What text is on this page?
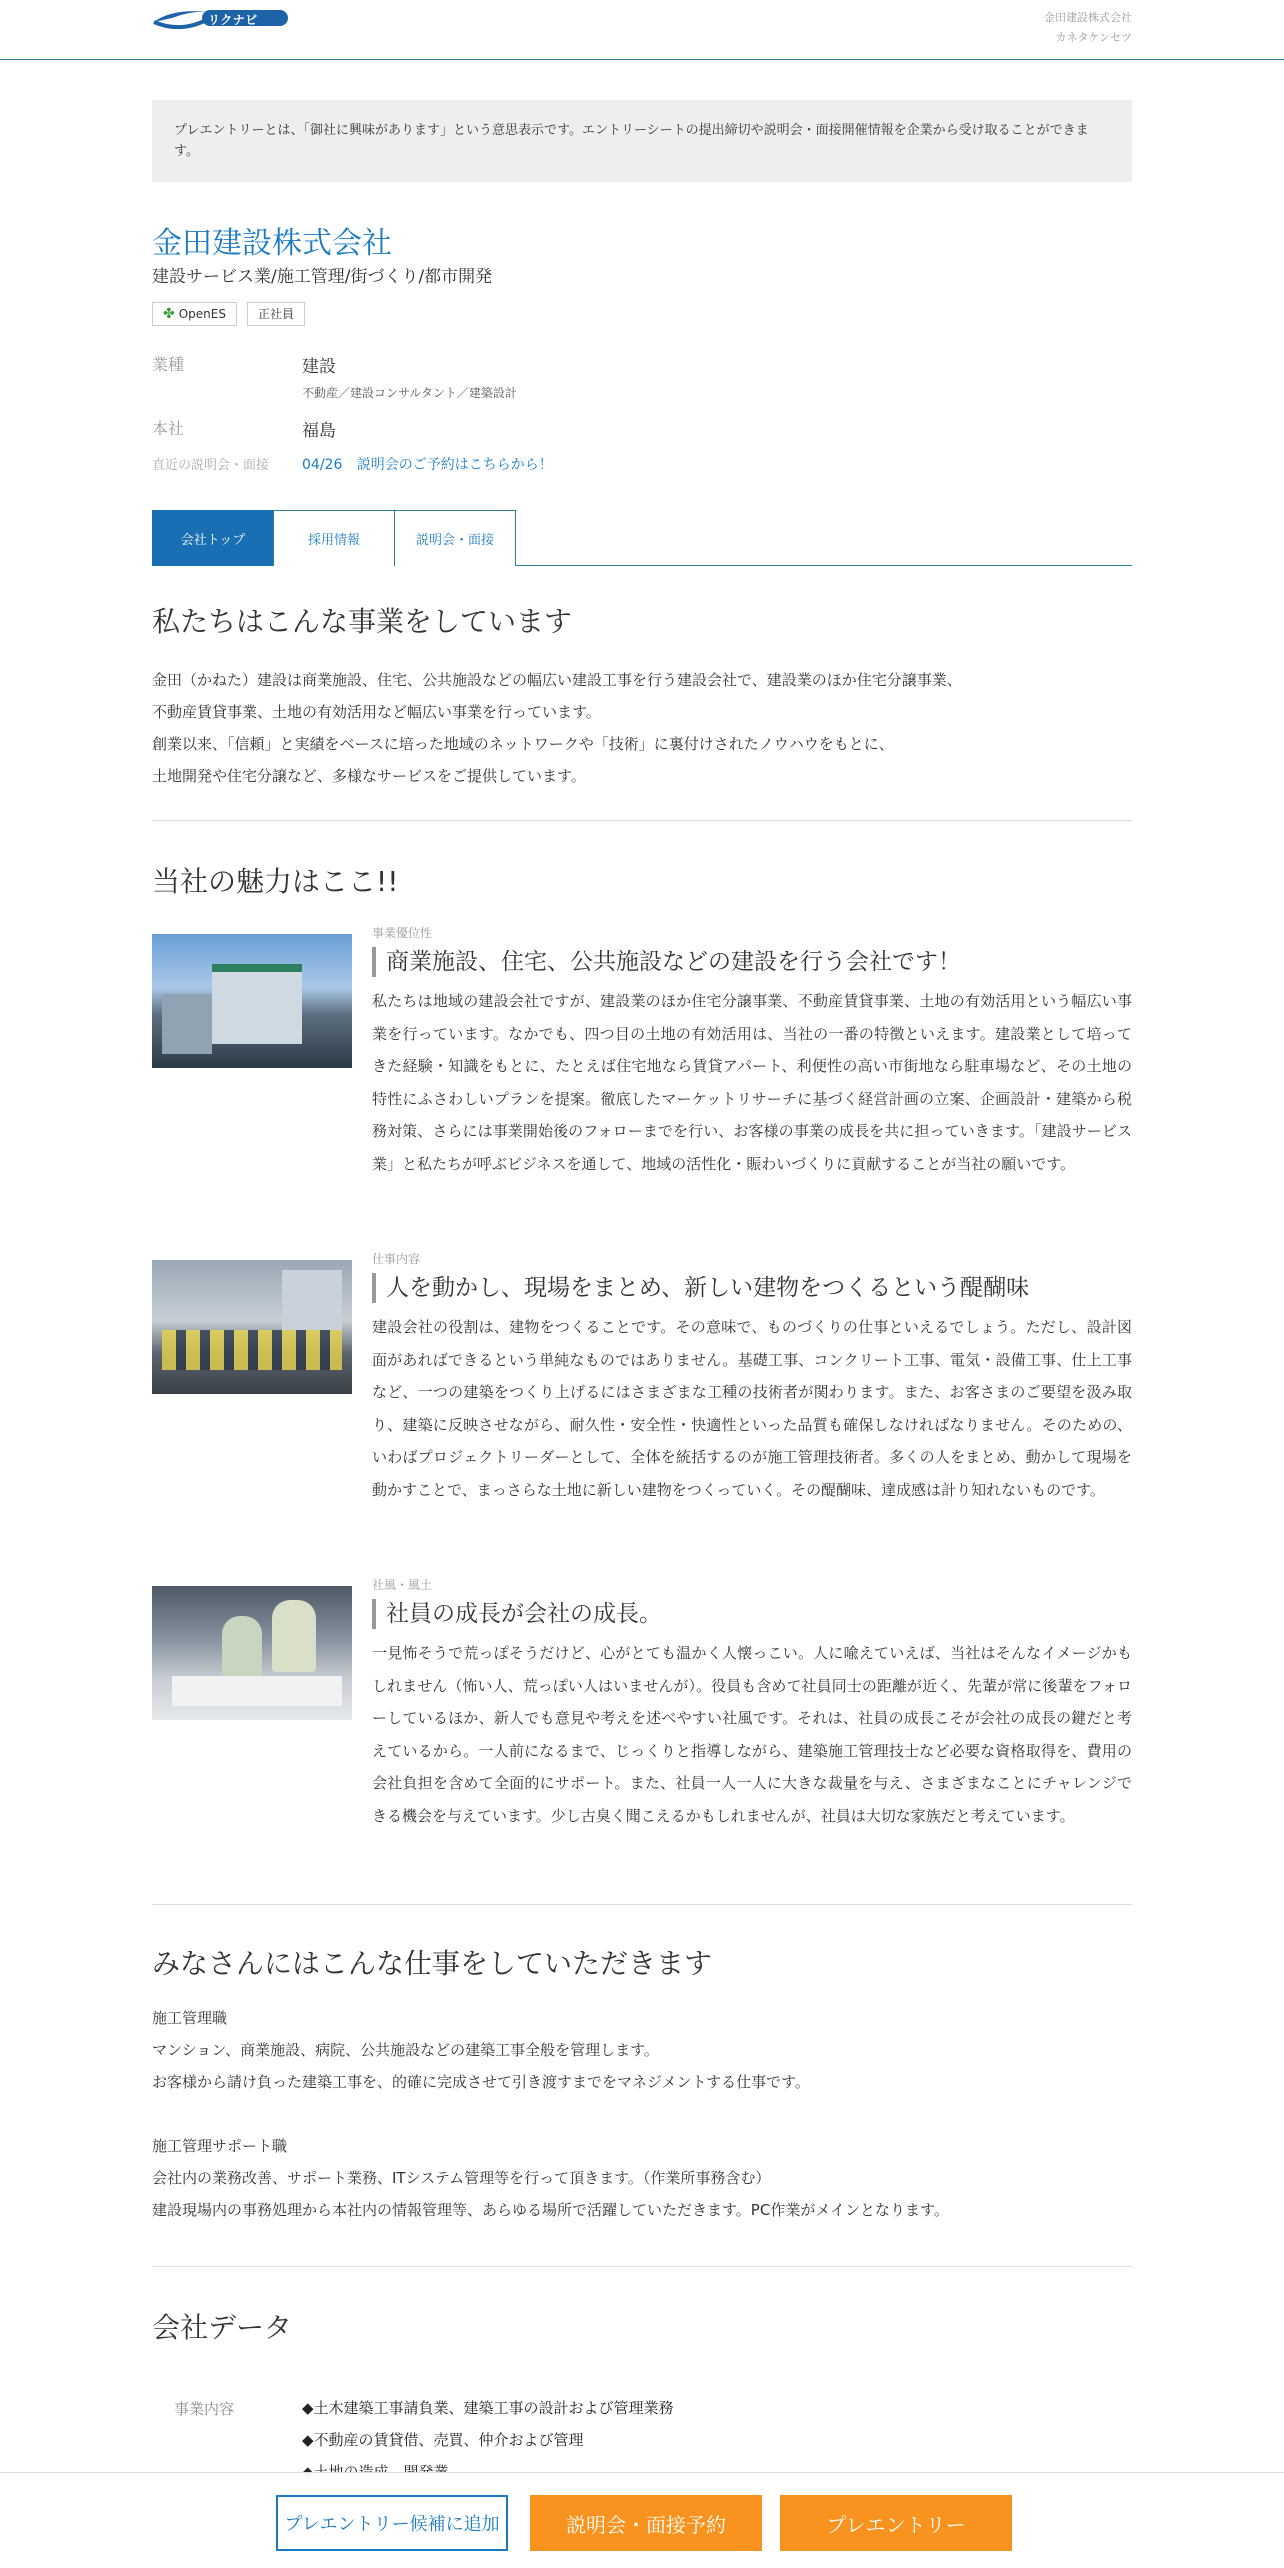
リクナビ2024
金田建設株式会社
カネタケンセツ
プレエントリーとは、「御社に興味があります」という意思表示です。エントリーシートの提出締切や説明会・面接開催情報を企業から受け取ることができます。
金田建設株式会社
建設サービス業/施工管理/街づくり/都市開発
✤ OpenES	正社員
業種	建設
不動産／建設コンサルタント／建築設計
本社	福島
直近の説明会・面接 04/26 説明会のご予約はこちらから！
会社トップ	採用情報	説明会・面接
私たちはこんな事業をしています
金田（かねた）建設は商業施設、住宅、公共施設などの幅広い建設工事を行う建設会社で、建設業のほか住宅分譲事業、
不動産賃貸事業、土地の有効活用など幅広い事業を行っています。
創業以来、「信頼」と実績をベースに培った地域のネットワークや「技術」に裏付けされたノウハウをもとに、
土地開発や住宅分譲など、多様なサービスをご提供しています。
当社の魅力はここ!!
事業優位性
商業施設、住宅、公共施設などの建設を行う会社です！
私たちは地域の建設会社ですが、建設業のほか住宅分譲事業、不動産賃貸事業、土地の有効活用という幅広い事業を行っています。なかでも、四つ目の土地の有効活用は、当社の一番の特徴といえます。建設業として培ってきた経験・知識をもとに、たとえば住宅地なら賃貸アパート、利便性の高い市街地なら駐車場など、その土地の特性にふさわしいプランを提案。徹底したマーケットリサーチに基づく経営計画の立案、企画設計・建築から税務対策、さらには事業開始後のフォローまでを行い、お客様の事業の成長を共に担っていきます。「建設サービス業」と私たちが呼ぶビジネスを通して、地域の活性化・賑わいづくりに貢献することが当社の願いです。
仕事内容
人を動かし、現場をまとめ、新しい建物をつくるという醍醐味
建設会社の役割は、建物をつくることです。その意味で、ものづくりの仕事といえるでしょう。ただし、設計図面があればできるという単純なものではありません。基礎工事、コンクリート工事、電気・設備工事、仕上工事など、一つの建築をつくり上げるにはさまざまな工種の技術者が関わります。また、お客さまのご要望を汲み取り、建築に反映させながら、耐久性・安全性・快適性といった品質も確保しなければなりません。そのための、いわばプロジェクトリーダーとして、全体を統括するのが施工管理技術者。多くの人をまとめ、動かして現場を動かすことで、まっさらな土地に新しい建物をつくっていく。その醍醐味、達成感は計り知れないものです。
社風・風土
社員の成長が会社の成長。
一見怖そうで荒っぽそうだけど、心がとても温かく人懐っこい。人に喩えていえば、当社はそんなイメージかもしれません（怖い人、荒っぽい人はいませんが）。役員も含めて社員同士の距離が近く、先輩が常に後輩をフォローしているほか、新人でも意見や考えを述べやすい社風です。それは、社員の成長こそが会社の成長の鍵だと考えているから。一人前になるまで、じっくりと指導しながら、建築施工管理技士など必要な資格取得を、費用の会社負担を含めて全面的にサポート。また、社員一人一人に大きな裁量を与え、さまざまなことにチャレンジできる機会を与えています。少し古臭く聞こえるかもしれませんが、社員は大切な家族だと考えています。
みなさんにはこんな仕事をしていただきます
施工管理職
マンション、商業施設、病院、公共施設などの建築工事全般を管理します。
お客様から請け負った建築工事を、的確に完成させて引き渡すまでをマネジメントする仕事です。
施工管理サポート職
会社内の業務改善、サポート業務、ITシステム管理等を行って頂きます。（作業所事務含む）
建設現場内の事務処理から本社内の情報管理等、あらゆる場所で活躍していただきます。PC作業がメインとなります。
会社データ
事業内容	◆土木建築工事請負業、建築工事の設計および管理業務
◆不動産の賃貸借、売買、仲介および管理
プレエントリー候補に追加	説明会・面接予約	プレエントリー
